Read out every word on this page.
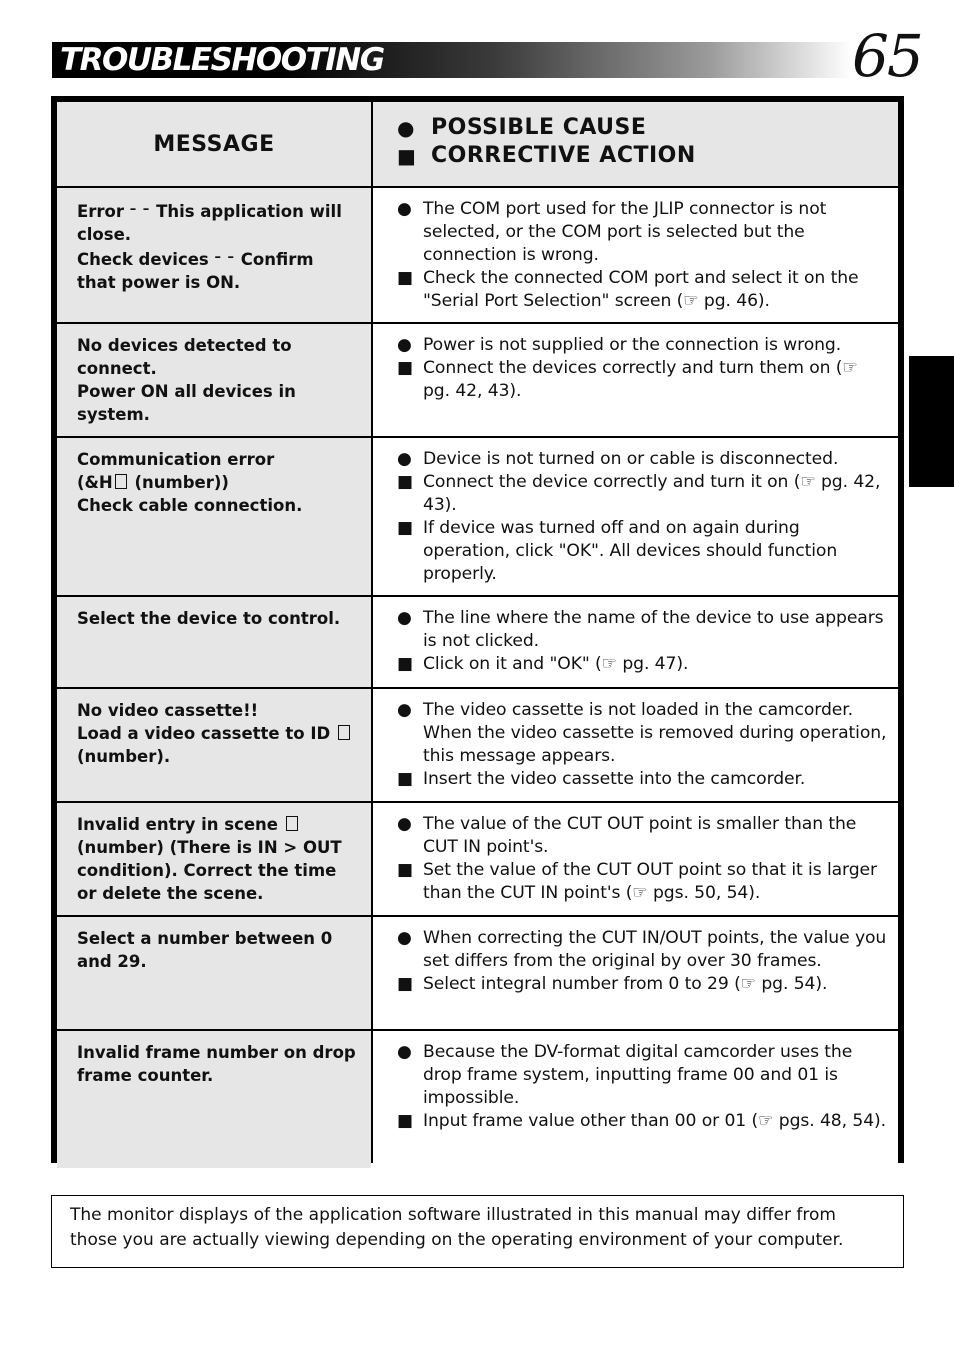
TROUBLESHOOTING	65
MESSAGE
● POSSIBLE CAUSE
■ CORRECTIVE ACTION
Error – – This application will
close.
Check devices – – Confirm
that power is ON.
● The COM port used for the JLIP connector is not selected, or the COM port is selected but the connection is wrong.
■ Check the connected COM port and select it on the "Serial Port Selection" screen (☞ pg. 46).
No devices detected to
connect.
Power ON all devices in
system.
● Power is not supplied or the connection is wrong.
■ Connect the devices correctly and turn them on (☞ pg. 42, 43).
Communication error
(&H (number))
Check cable connection.
● Device is not turned on or cable is disconnected.
■ Connect the device correctly and turn it on (☞ pg. 42, 43).
■ If device was turned off and on again during operation, click "OK". All devices should function properly.
Select the device to control.	● The line where the name of the device to use appears is not clicked.
■ Click on it and "OK" (☞ pg. 47).
No video cassette!!
Load a video cassette to ID
(number).
● The video cassette is not loaded in the camcorder. When the video cassette is removed during operation, this message appears.
■ Insert the video cassette into the camcorder.
Invalid entry in scene
(number) (There is IN > OUT
condition). Correct the time
or delete the scene.
● The value of the CUT OUT point is smaller than the CUT IN point's.
■ Set the value of the CUT OUT point so that it is larger than the CUT IN point's (☞ pgs. 50, 54).
Select a number between 0
and 29.
● When correcting the CUT IN/OUT points, the value you set differs from the original by over 30 frames.
■ Select integral number from 0 to 29 (☞ pg. 54).
Invalid frame number on drop
frame counter.
● Because the DV-format digital camcorder uses the drop frame system, inputting frame 00 and 01 is impossible.
■ Input frame value other than 00 or 01 (☞ pgs. 48, 54).
The monitor displays of the application software illustrated in this manual may differ from those you are actually viewing depending on the operating environment of your computer.
